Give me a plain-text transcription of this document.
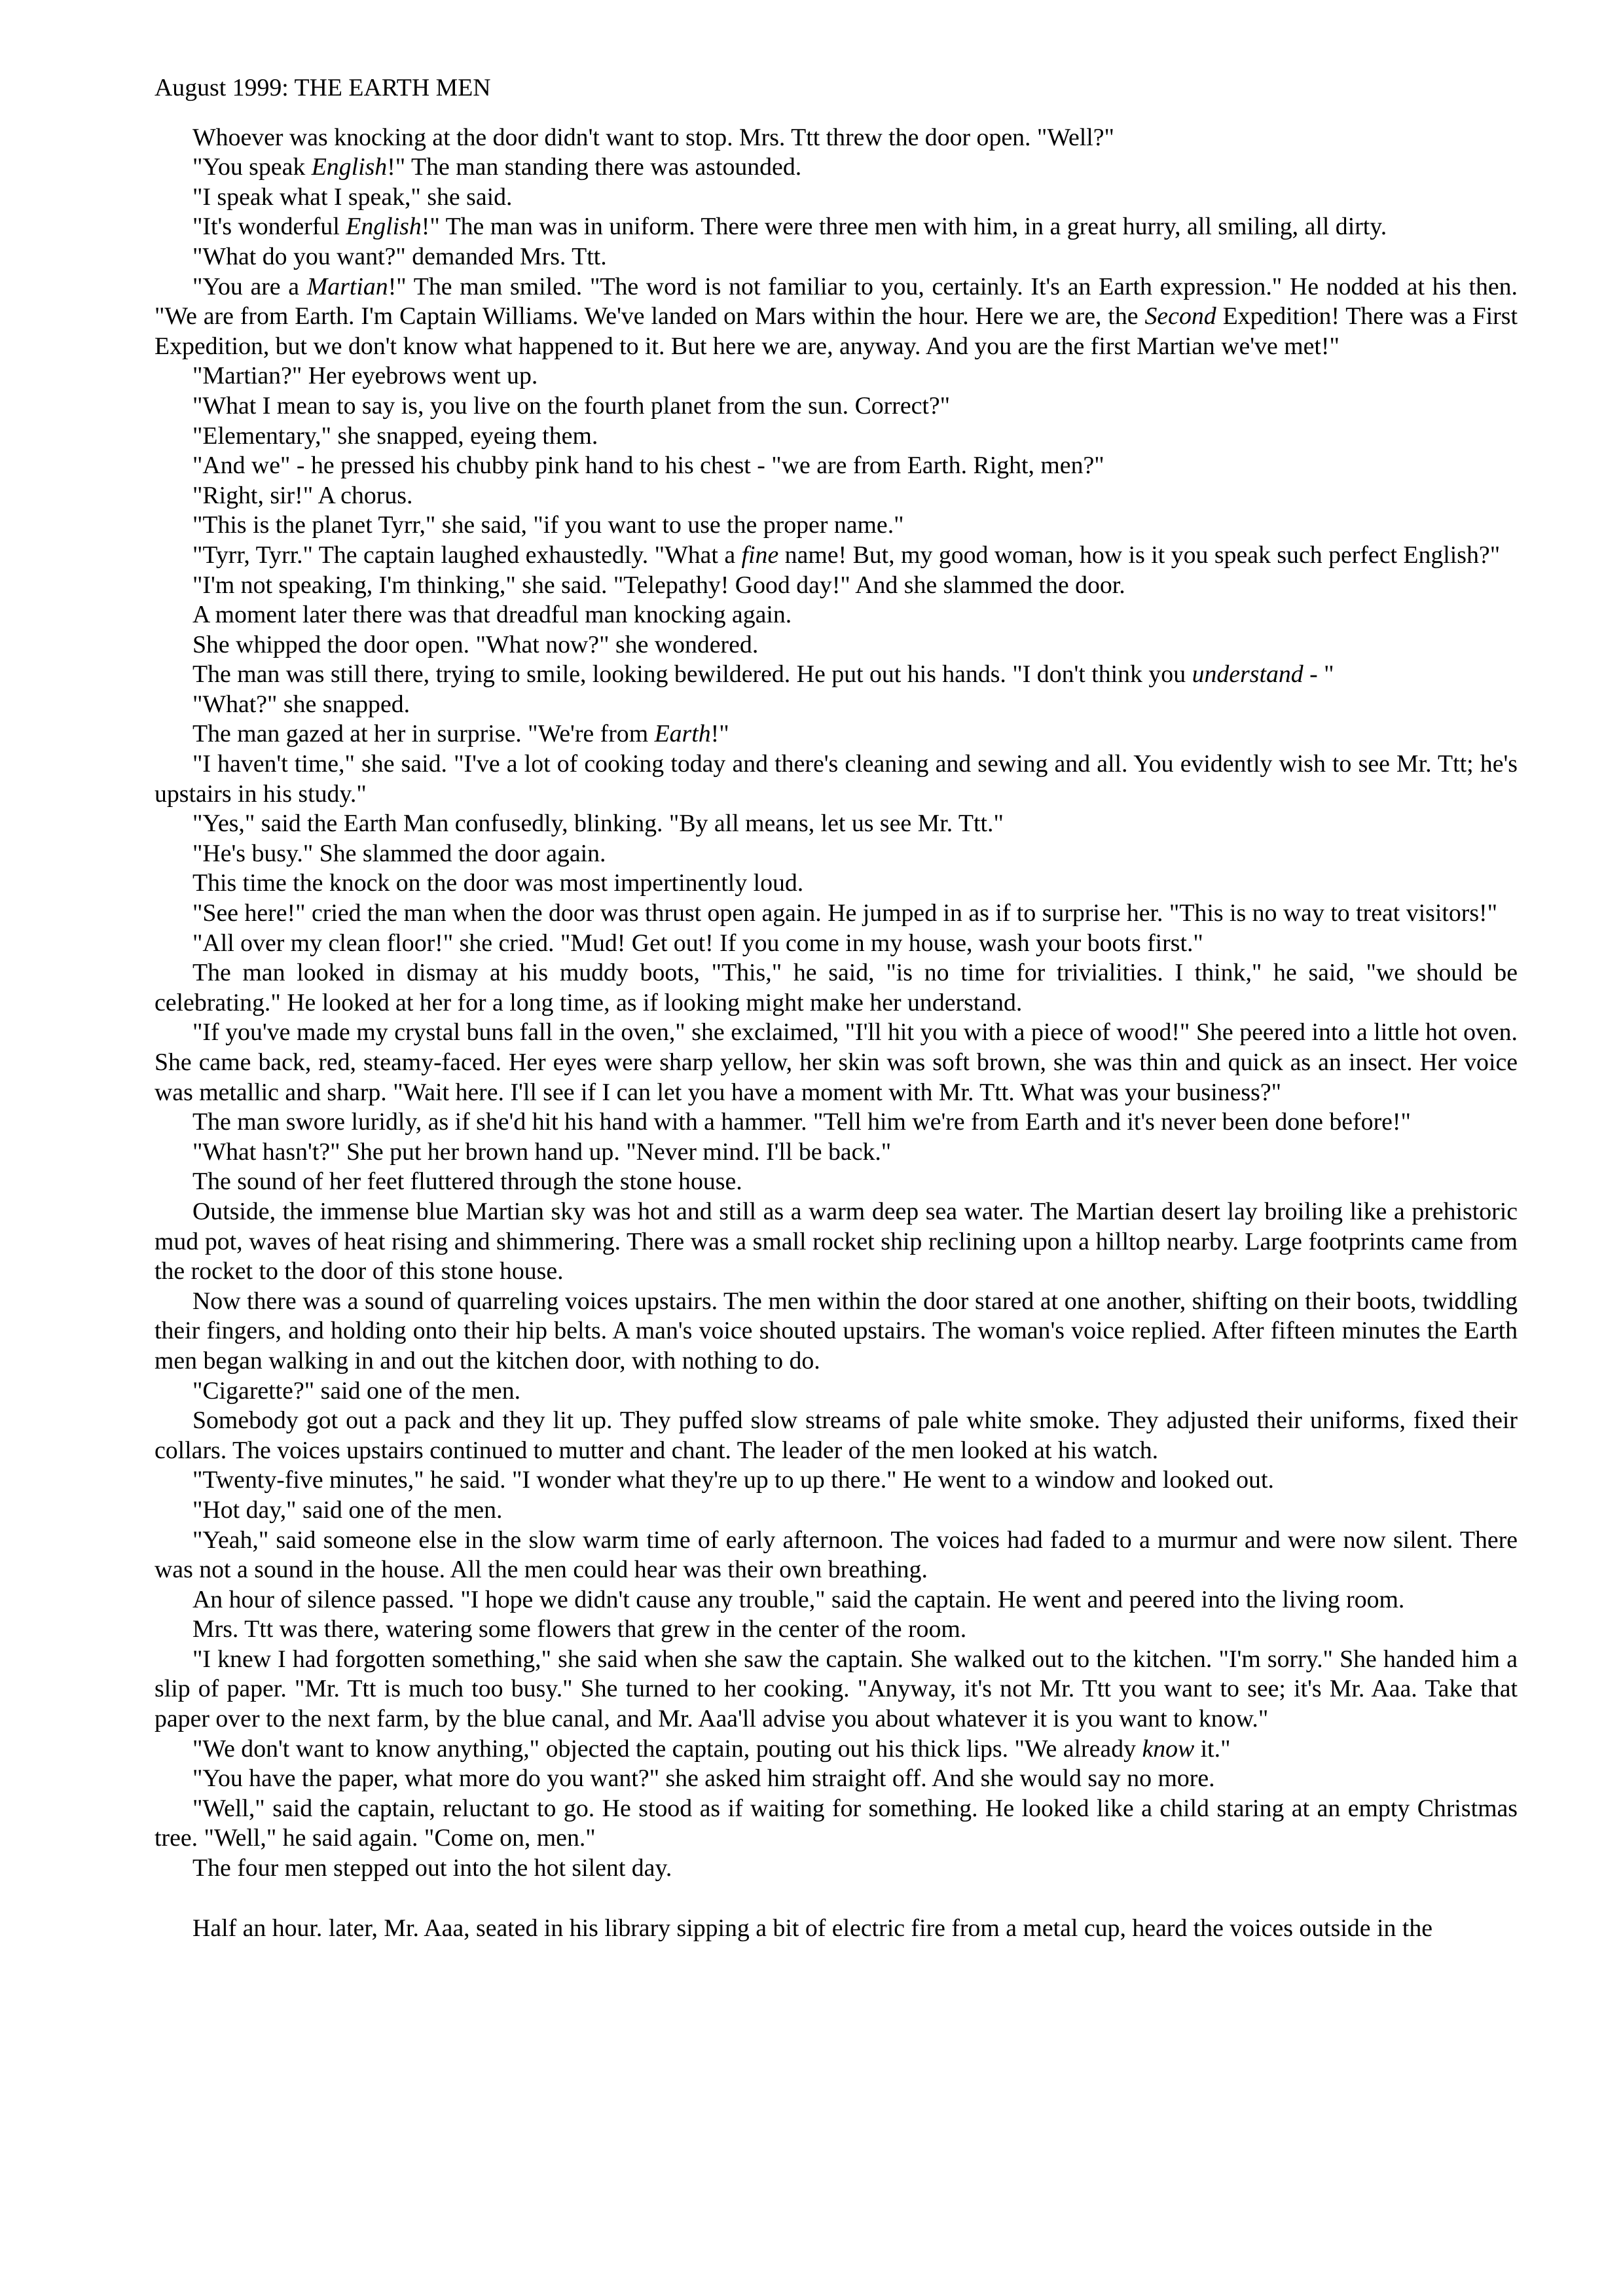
August 1999: THE EARTH MEN

Whoever was knocking at the door didn't want to stop. Mrs. Ttt threw the door open. "Well?"

"You speak English!" The man standing there was astounded.

"I speak what I speak," she said.

"It's wonderful English!" The man was in uniform. There were three men with him, in a great hurry, all smiling, all dirty.

"What do you want?" demanded Mrs. Ttt.

"You are a Martian!" The man smiled. "The word is not familiar to you, certainly. It's an Earth expression." He nodded at his then. "We are from Earth. I'm Captain Williams. We've landed on Mars within the hour. Here we are, the Second Expedition! There was a First Expedition, but we don't know what happened to it. But here we are, anyway. And you are the first Martian we've met!"

"Martian?" Her eyebrows went up.

"What I mean to say is, you live on the fourth planet from the sun. Correct?"

"Elementary," she snapped, eyeing them.

"And we" - he pressed his chubby pink hand to his chest - "we are from Earth. Right, men?"

"Right, sir!" A chorus.

"This is the planet Tyrr," she said, "if you want to use the proper name."

"Tyrr, Tyrr." The captain laughed exhaustedly. "What a fine name! But, my good woman, how is it you speak such perfect English?"

"I'm not speaking, I'm thinking," she said. "Telepathy! Good day!" And she slammed the door.

A moment later there was that dreadful man knocking again.

She whipped the door open. "What now?" she wondered.

The man was still there, trying to smile, looking bewildered. He put out his hands. "I don't think you understand - "

"What?" she snapped.

The man gazed at her in surprise. "We're from Earth!"

"I haven't time," she said. "I've a lot of cooking today and there's cleaning and sewing and all. You evidently wish to see Mr. Ttt; he's upstairs in his study."

"Yes," said the Earth Man confusedly, blinking. "By all means, let us see Mr. Ttt."

"He's busy." She slammed the door again.

This time the knock on the door was most impertinently loud.

"See here!" cried the man when the door was thrust open again. He jumped in as if to surprise her. "This is no way to treat visitors!"

"All over my clean floor!" she cried. "Mud! Get out! If you come in my house, wash your boots first."

The man looked in dismay at his muddy boots, "This," he said, "is no time for trivialities. I think," he said, "we should be celebrating." He looked at her for a long time, as if looking might make her understand.

"If you've made my crystal buns fall in the oven," she exclaimed, "I'll hit you with a piece of wood!" She peered into a little hot oven. She came back, red, steamy-faced. Her eyes were sharp yellow, her skin was soft brown, she was thin and quick as an insect. Her voice was metallic and sharp. "Wait here. I'll see if I can let you have a moment with Mr. Ttt. What was your business?"

The man swore luridly, as if she'd hit his hand with a hammer. "Tell him we're from Earth and it's never been done before!"

"What hasn't?" She put her brown hand up. "Never mind. I'll be back."

The sound of her feet fluttered through the stone house.

Outside, the immense blue Martian sky was hot and still as a warm deep sea water. The Martian desert lay broiling like a prehistoric mud pot, waves of heat rising and shimmering. There was a small rocket ship reclining upon a hilltop nearby. Large footprints came from the rocket to the door of this stone house.

Now there was a sound of quarreling voices upstairs. The men within the door stared at one another, shifting on their boots, twiddling their fingers, and holding onto their hip belts. A man's voice shouted upstairs. The woman's voice replied. After fifteen minutes the Earth men began walking in and out the kitchen door, with nothing to do.

"Cigarette?" said one of the men.

Somebody got out a pack and they lit up. They puffed slow streams of pale white smoke. They adjusted their uniforms, fixed their collars. The voices upstairs continued to mutter and chant. The leader of the men looked at his watch.

"Twenty-five minutes," he said. "I wonder what they're up to up there." He went to a window and looked out.

"Hot day," said one of the men.

"Yeah," said someone else in the slow warm time of early afternoon. The voices had faded to a murmur and were now silent. There was not a sound in the house. All the men could hear was their own breathing.

An hour of silence passed. "I hope we didn't cause any trouble," said the captain. He went and peered into the living room.

Mrs. Ttt was there, watering some flowers that grew in the center of the room.

"I knew I had forgotten something," she said when she saw the captain. She walked out to the kitchen. "I'm sorry." She handed him a slip of paper. "Mr. Ttt is much too busy." She turned to her cooking. "Anyway, it's not Mr. Ttt you want to see; it's Mr. Aaa. Take that paper over to the next farm, by the blue canal, and Mr. Aaa'll advise you about whatever it is you want to know."

"We don't want to know anything," objected the captain, pouting out his thick lips. "We already know it."

"You have the paper, what more do you want?" she asked him straight off. And she would say no more.

"Well," said the captain, reluctant to go. He stood as if waiting for something. He looked like a child staring at an empty Christmas tree. "Well," he said again. "Come on, men."

The four men stepped out into the hot silent day.

Half an hour. later, Mr. Aaa, seated in his library sipping a bit of electric fire from a metal cup, heard the voices outside in the
